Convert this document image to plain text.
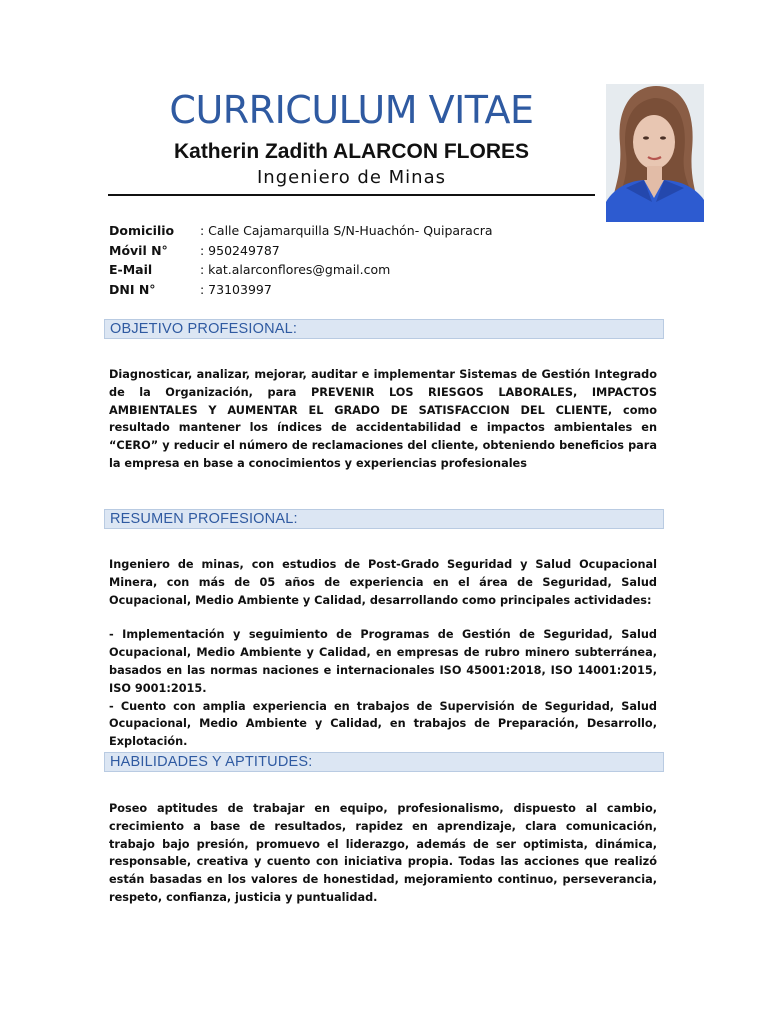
CURRICULUM VITAE
Katherin Zadith ALARCON FLORES
Ingeniero de Minas
Domicilio	: Calle Cajamarquilla S/N-Huachón- Quiparacra
Móvil N°	: 950249787
E-Mail	: kat.alarconflores@gmail.com
DNI N°	: 73103997
OBJETIVO PROFESIONAL:

Diagnosticar, analizar, mejorar, auditar e implementar Sistemas de Gestión Integrado de la Organización, para PREVENIR LOS RIESGOS LABORALES, IMPACTOS AMBIENTALES Y AUMENTAR EL GRADO DE SATISFACCION DEL CLIENTE, como resultado mantener los índices de accidentabilidad e impactos ambientales en “CERO” y reducir el número de reclamaciones del cliente, obteniendo beneficios para la empresa en base a conocimientos y experiencias profesionales

RESUMEN PROFESIONAL:

Ingeniero de minas, con estudios de Post-Grado Seguridad y Salud Ocupacional Minera, con más de 05 años de experiencia en el área de Seguridad, Salud Ocupacional, Medio Ambiente y Calidad, desarrollando como principales actividades:

- Implementación y seguimiento de Programas de Gestión de Seguridad, Salud Ocupacional, Medio Ambiente y Calidad, en empresas de rubro minero subterránea, basados en las normas naciones e internacionales ISO 45001:2018, ISO 14001:2015, ISO 9001:2015.

- Cuento con amplia experiencia en trabajos de Supervisión de Seguridad, Salud Ocupacional, Medio Ambiente y Calidad, en trabajos de Preparación, Desarrollo, Explotación.

HABILIDADES Y APTITUDES:

Poseo aptitudes de trabajar en equipo, profesionalismo, dispuesto al cambio, crecimiento a base de resultados, rapidez en aprendizaje, clara comunicación, trabajo bajo presión, promuevo el liderazgo, además de ser optimista, dinámica, responsable, creativa y cuento con iniciativa propia. Todas las acciones que realizó están basadas en los valores de honestidad, mejoramiento continuo, perseverancia, respeto, confianza, justicia y puntualidad.
